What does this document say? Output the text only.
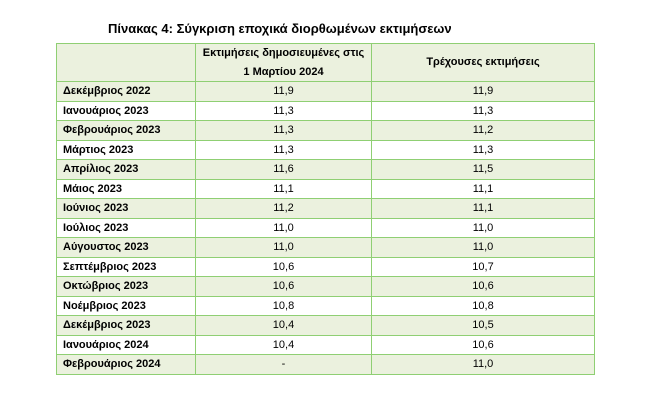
Πίνακας 4: Σύγκριση εποχικά διορθωμένων εκτιμήσεων
	Εκτιμήσεις δημοσιευμένες στις 1 Μαρτίου 2024	Τρέχουσες εκτιμήσεις
Δεκέμβριος 2022	11,9	11,9
Ιανουάριος 2023	11,3	11,3
Φεβρουάριος 2023	11,3	11,2
Μάρτιος 2023	11,3	11,3
Απρίλιος 2023	11,6	11,5
Μάιος 2023	11,1	11,1
Ιούνιος 2023	11,2	11,1
Ιούλιος 2023	11,0	11,0
Αύγουστος 2023	11,0	11,0
Σεπτέμβριος 2023	10,6	10,7
Οκτώβριος 2023	10,6	10,6
Νοέμβριος 2023	10,8	10,8
Δεκέμβριος 2023	10,4	10,5
Ιανουάριος 2024	10,4	10,6
Φεβρουάριος 2024	-	11,0
